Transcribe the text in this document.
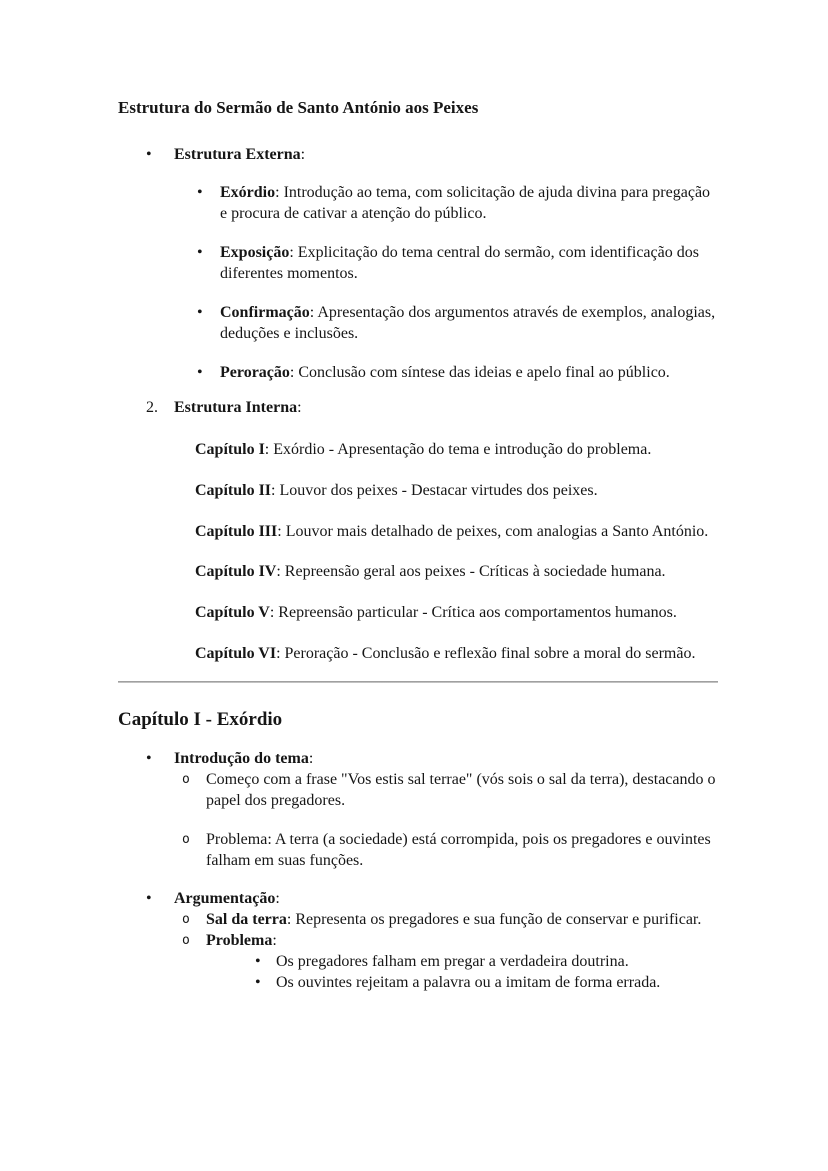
Estrutura do Sermão de Santo António aos Peixes
•	Estrutura Externa:
•	Exórdio: Introdução ao tema, com solicitação de ajuda divina para pregação e procura de cativar a atenção do público.
•	Exposição: Explicitação do tema central do sermão, com identificação dos diferentes momentos.
•	Confirmação: Apresentação dos argumentos através de exemplos, analogias, deduções e inclusões.
•	Peroração: Conclusão com síntese das ideias e apelo final ao público.
2.	Estrutura Interna:
Capítulo I: Exórdio - Apresentação do tema e introdução do problema.
Capítulo II: Louvor dos peixes - Destacar virtudes dos peixes.
Capítulo III: Louvor mais detalhado de peixes, com analogias a Santo António.
Capítulo IV: Repreensão geral aos peixes - Críticas à sociedade humana.
Capítulo V: Repreensão particular - Crítica aos comportamentos humanos.
Capítulo VI: Peroração - Conclusão e reflexão final sobre a moral do sermão.
Capítulo I - Exórdio
•	Introdução do tema:
o	Começo com a frase "Vos estis sal terrae" (vós sois o sal da terra), destacando o papel dos pregadores.
o	Problema: A terra (a sociedade) está corrompida, pois os pregadores e ouvintes falham em suas funções.
•	Argumentação:
o	Sal da terra: Representa os pregadores e sua função de conservar e purificar.
o	Problema:
• Os pregadores falham em pregar a verdadeira doutrina.
• Os ouvintes rejeitam a palavra ou a imitam de forma errada.
